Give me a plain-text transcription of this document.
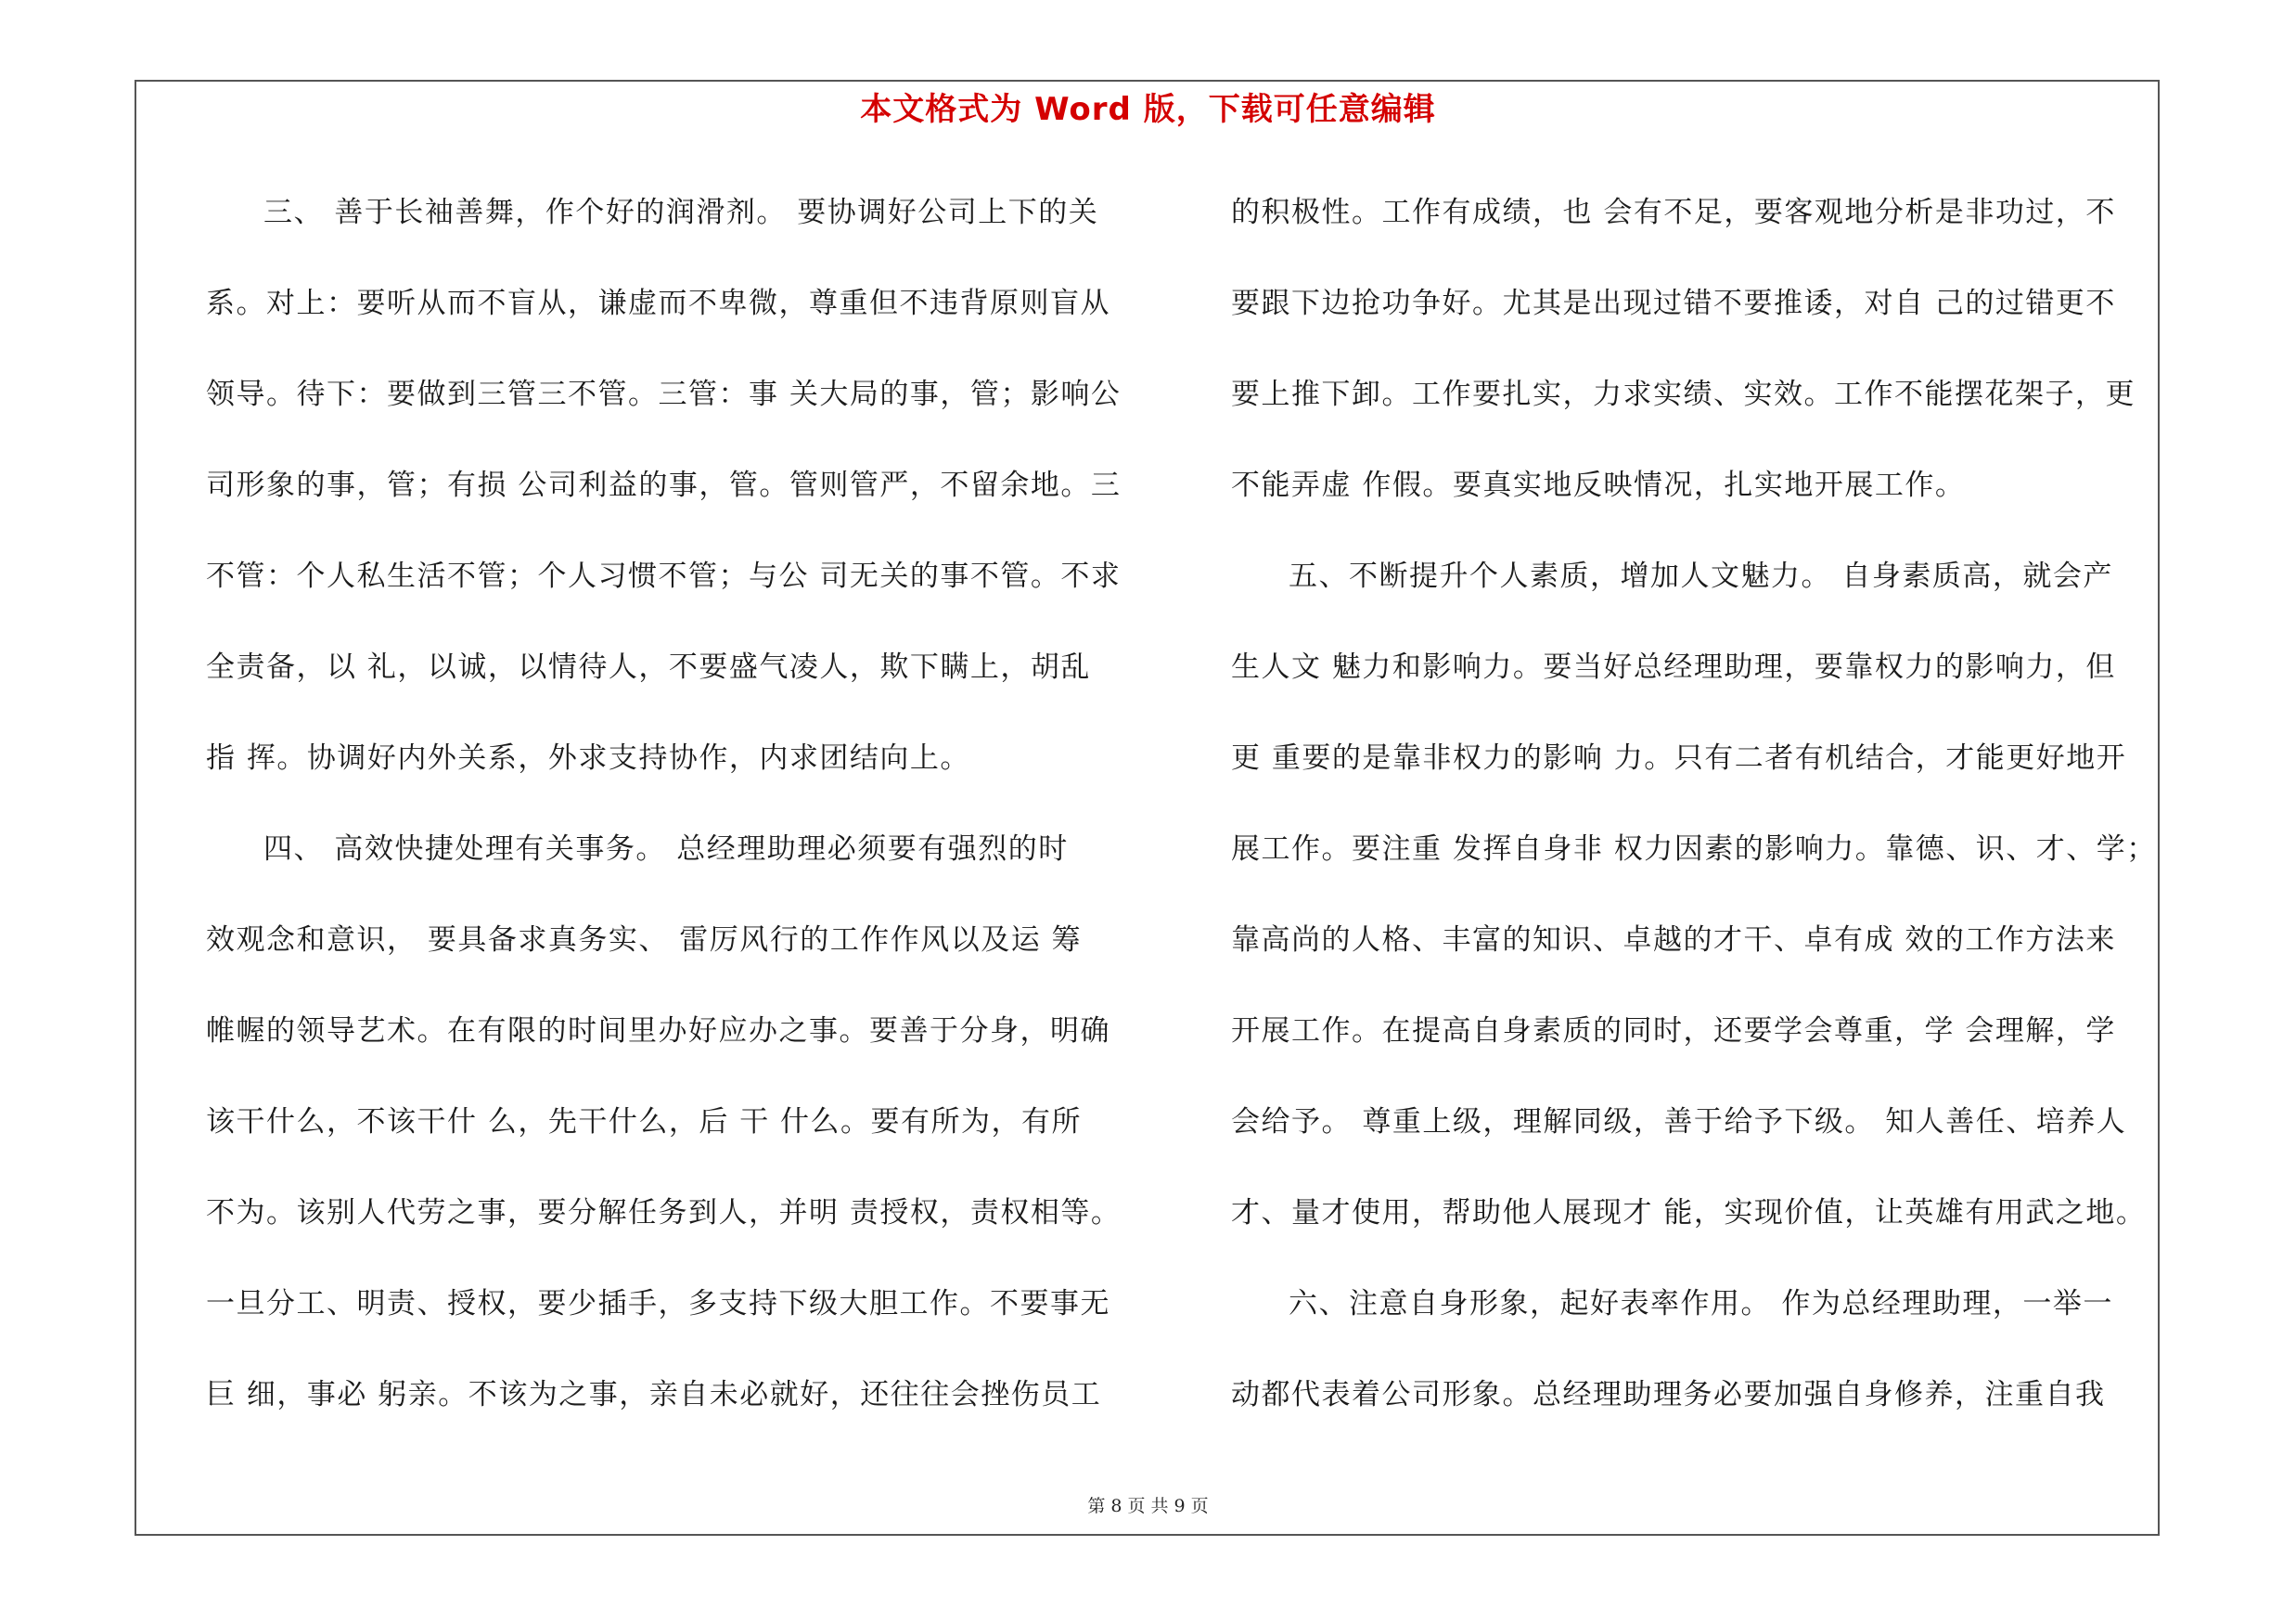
本文格式为 Word 版，下载可任意编辑
三、 善于长袖善舞，作个好的润滑剂。 要协调好公司上下的关
系。对上：要听从而不盲从，谦虚而不卑微，尊重但不违背原则盲从
领导。待下：要做到三管三不管。三管：事 关大局的事，管；影响公
司形象的事，管；有损 公司利益的事，管。管则管严，不留余地。三
不管：个人私生活不管；个人习惯不管；与公 司无关的事不管。不求
全责备，以 礼，以诚，以情待人，不要盛气凌人，欺下瞒上，胡乱
指 挥。协调好内外关系，外求支持协作，内求团结向上。
四、 高效快捷处理有关事务。 总经理助理必须要有强烈的时
效观念和意识， 要具备求真务实、 雷厉风行的工作作风以及运 筹
帷幄的领导艺术。在有限的时间里办好应办之事。要善于分身，明确
该干什么，不该干什 么，先干什么，后 干 什么。要有所为，有所
不为。该别人代劳之事，要分解任务到人，并明 责授权，责权相等。
一旦分工、明责、授权，要少插手，多支持下级大胆工作。不要事无
巨 细，事必 躬亲。不该为之事，亲自未必就好，还往往会挫伤员工
的积极性。工作有成绩，也 会有不足，要客观地分析是非功过，不
要跟下边抢功争好。尤其是出现过错不要推诿，对自 己的过错更不
要上推下卸。工作要扎实，力求实绩、实效。工作不能摆花架子，更
不能弄虚 作假。要真实地反映情况，扎实地开展工作。
五、不断提升个人素质，增加人文魅力。 自身素质高，就会产
生人文 魅力和影响力。要当好总经理助理，要靠权力的影响力，但
更 重要的是靠非权力的影响 力。只有二者有机结合，才能更好地开
展工作。要注重 发挥自身非 权力因素的影响力。靠德、识、才、学；
靠高尚的人格、丰富的知识、卓越的才干、卓有成 效的工作方法来
开展工作。在提高自身素质的同时，还要学会尊重，学 会理解，学
会给予。 尊重上级，理解同级，善于给予下级。 知人善任、培养人
才、量才使用，帮助他人展现才 能，实现价值，让英雄有用武之地。
六、注意自身形象，起好表率作用。 作为总经理助理，一举一
动都代表着公司形象。总经理助理务必要加强自身修养，注重自我
第 8 页 共 9 页
